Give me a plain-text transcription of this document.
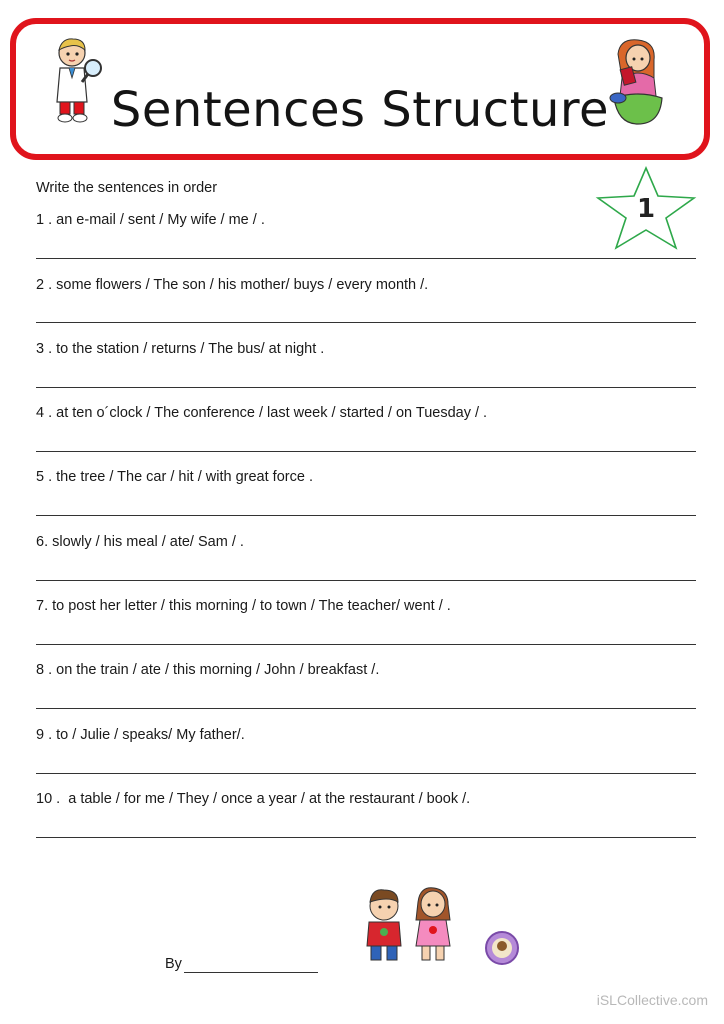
Sentences Structure
1
Write the sentences in order
1 . an e-mail / sent / My wife / me / .
2 . some flowers / The son / his mother/ buys / every month /.
3 . to the station / returns / The bus/ at night .
4 . at ten o´clock / The conference / last week / started / on Tuesday / .
5 . the tree / The car / hit / with great force .
6. slowly / his meal / ate/ Sam / .
7. to post her letter / this morning / to town / The teacher/ went / .
8 . on the train / ate / this morning / John / breakfast /.
9 . to / Julie / speaks/ My father/.
10 .  a table / for me / They / once a year / at the restaurant / book /.
By
iSLCollective.com
